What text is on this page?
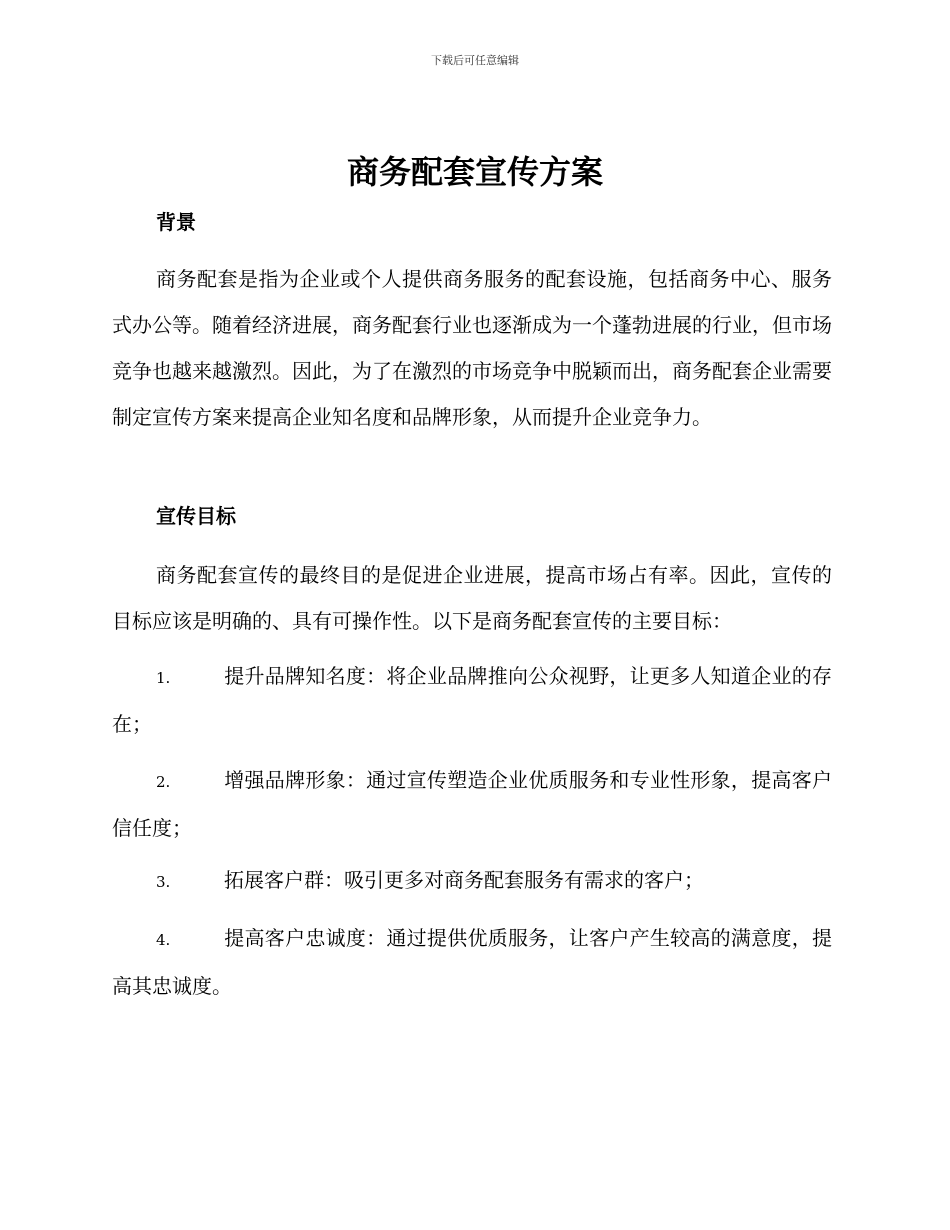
下载后可任意编辑
商务配套宣传方案
背景

商务配套是指为企业或个人提供商务服务的配套设施，包括商务中心、服务式办公等。随着经济进展，商务配套行业也逐渐成为一个蓬勃进展的行业，但市场竞争也越来越激烈。因此，为了在激烈的市场竞争中脱颖而出，商务配套企业需要制定宣传方案来提高企业知名度和品牌形象，从而提升企业竞争力。

宣传目标

商务配套宣传的最终目的是促进企业进展，提高市场占有率。因此，宣传的目标应该是明确的、具有可操作性。以下是商务配套宣传的主要目标：

1.	提升品牌知名度：将企业品牌推向公众视野，让更多人知道企业的存在；
2.	增强品牌形象：通过宣传塑造企业优质服务和专业性形象，提高客户信任度；
3.	拓展客户群：吸引更多对商务配套服务有需求的客户；
4.	提高客户忠诚度：通过提供优质服务，让客户产生较高的满意度，提高其忠诚度。
